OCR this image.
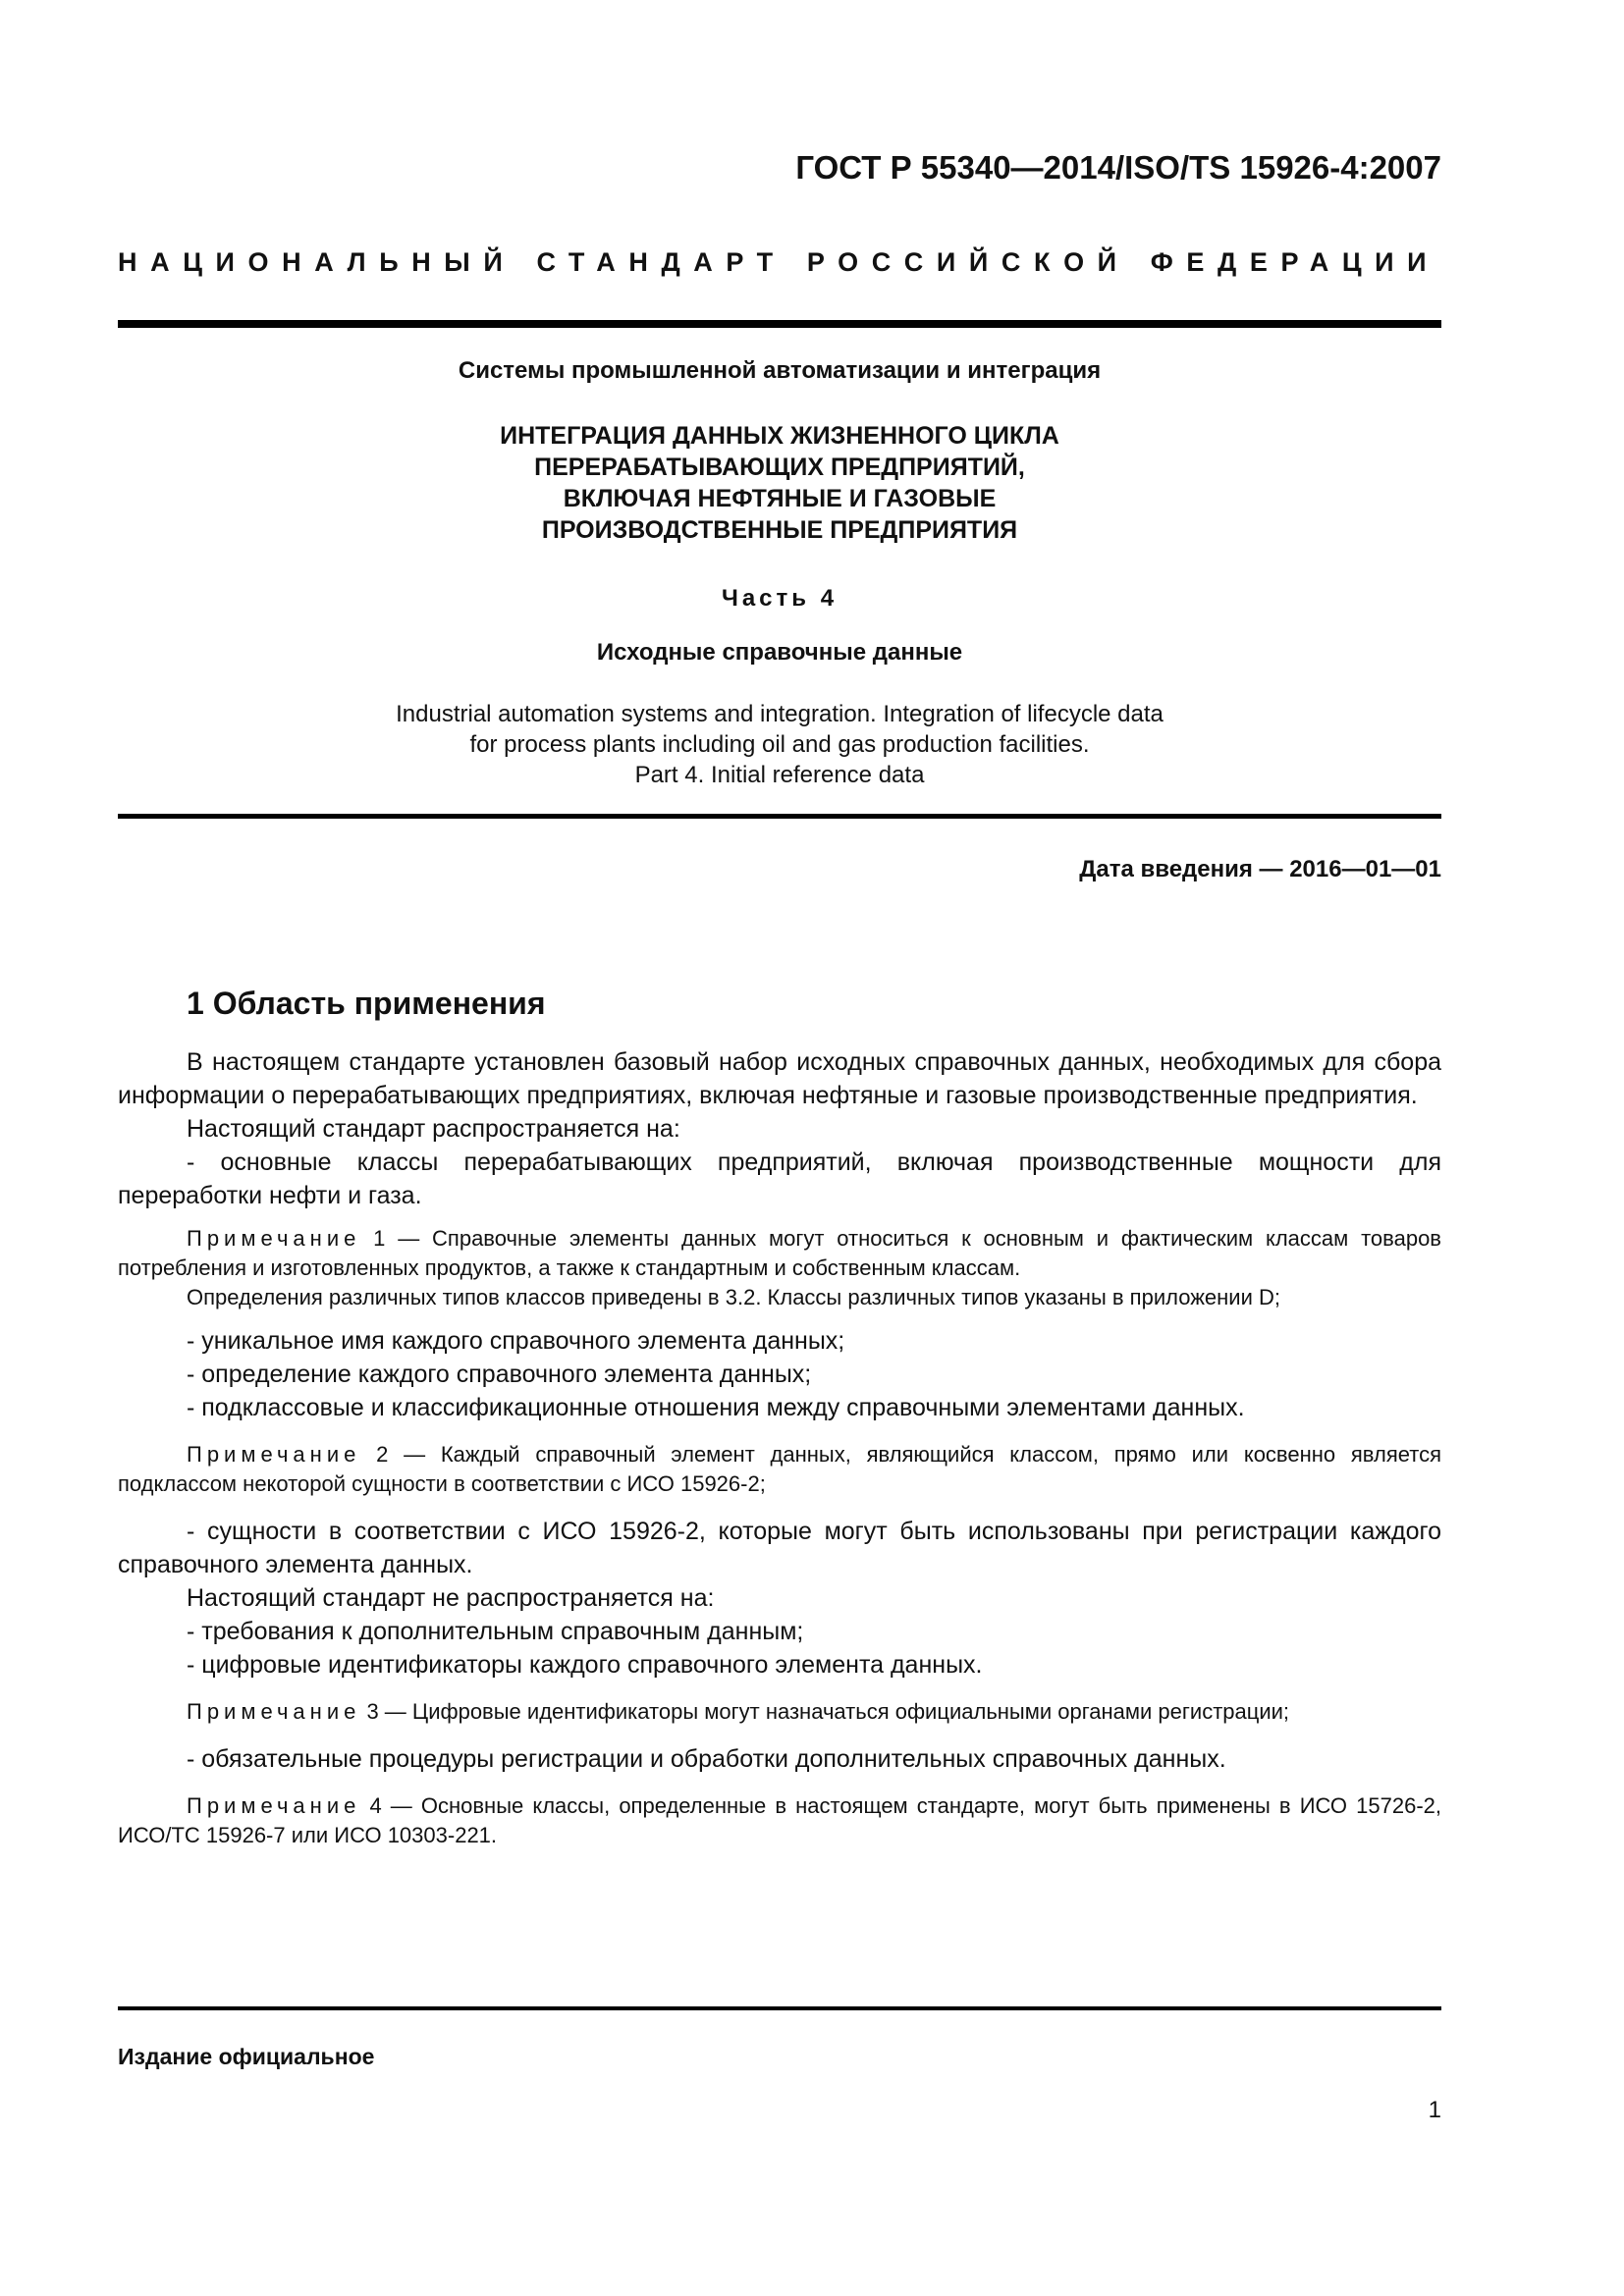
ГОСТ Р 55340—2014/ISO/TS 15926-4:2007
НАЦИОНАЛЬНЫЙ СТАНДАРТ РОССИЙСКОЙ ФЕДЕРАЦИИ
Системы промышленной автоматизации и интеграция
ИНТЕГРАЦИЯ ДАННЫХ ЖИЗНЕННОГО ЦИКЛА
ПЕРЕРАБАТЫВАЮЩИХ ПРЕДПРИЯТИЙ,
ВКЛЮЧАЯ НЕФТЯНЫЕ И ГАЗОВЫЕ
ПРОИЗВОДСТВЕННЫЕ ПРЕДПРИЯТИЯ
Часть 4
Исходные справочные данные
Industrial automation systems and integration. Integration of lifecycle data
for process plants including oil and gas production facilities.
Part 4. Initial reference data
Дата введения — 2016—01—01
1 Область применения

В настоящем стандарте установлен базовый набор исходных справочных данных, необходимых для сбора информации о перерабатывающих предприятиях, включая нефтяные и газовые производственные предприятия.

Настоящий стандарт распространяется на:

- основные классы перерабатывающих предприятий, включая производственные мощности для переработки нефти и газа.

Примечание 1 — Справочные элементы данных могут относиться к основным и фактическим классам товаров потребления и изготовленных продуктов, а также к стандартным и собственным классам.

Определения различных типов классов приведены в 3.2. Классы различных типов указаны в приложении D;

- уникальное имя каждого справочного элемента данных;

- определение каждого справочного элемента данных;

- подклассовые и классификационные отношения между справочными элементами данных.

Примечание 2 — Каждый справочный элемент данных, являющийся классом, прямо или косвенно является подклассом некоторой сущности в соответствии с ИСО 15926-2;

- сущности в соответствии с ИСО 15926-2, которые могут быть использованы при регистрации каждого справочного элемента данных.

Настоящий стандарт не распространяется на:

- требования к дополнительным справочным данным;

- цифровые идентификаторы каждого справочного элемента данных.

Примечание 3 — Цифровые идентификаторы могут назначаться официальными органами регистрации;

- обязательные процедуры регистрации и обработки дополнительных справочных данных.

Примечание 4 — Основные классы, определенные в настоящем стандарте, могут быть применены в ИСО 15726-2, ИСО/ТС 15926-7 или ИСО 10303-221.

Издание официальное
1
